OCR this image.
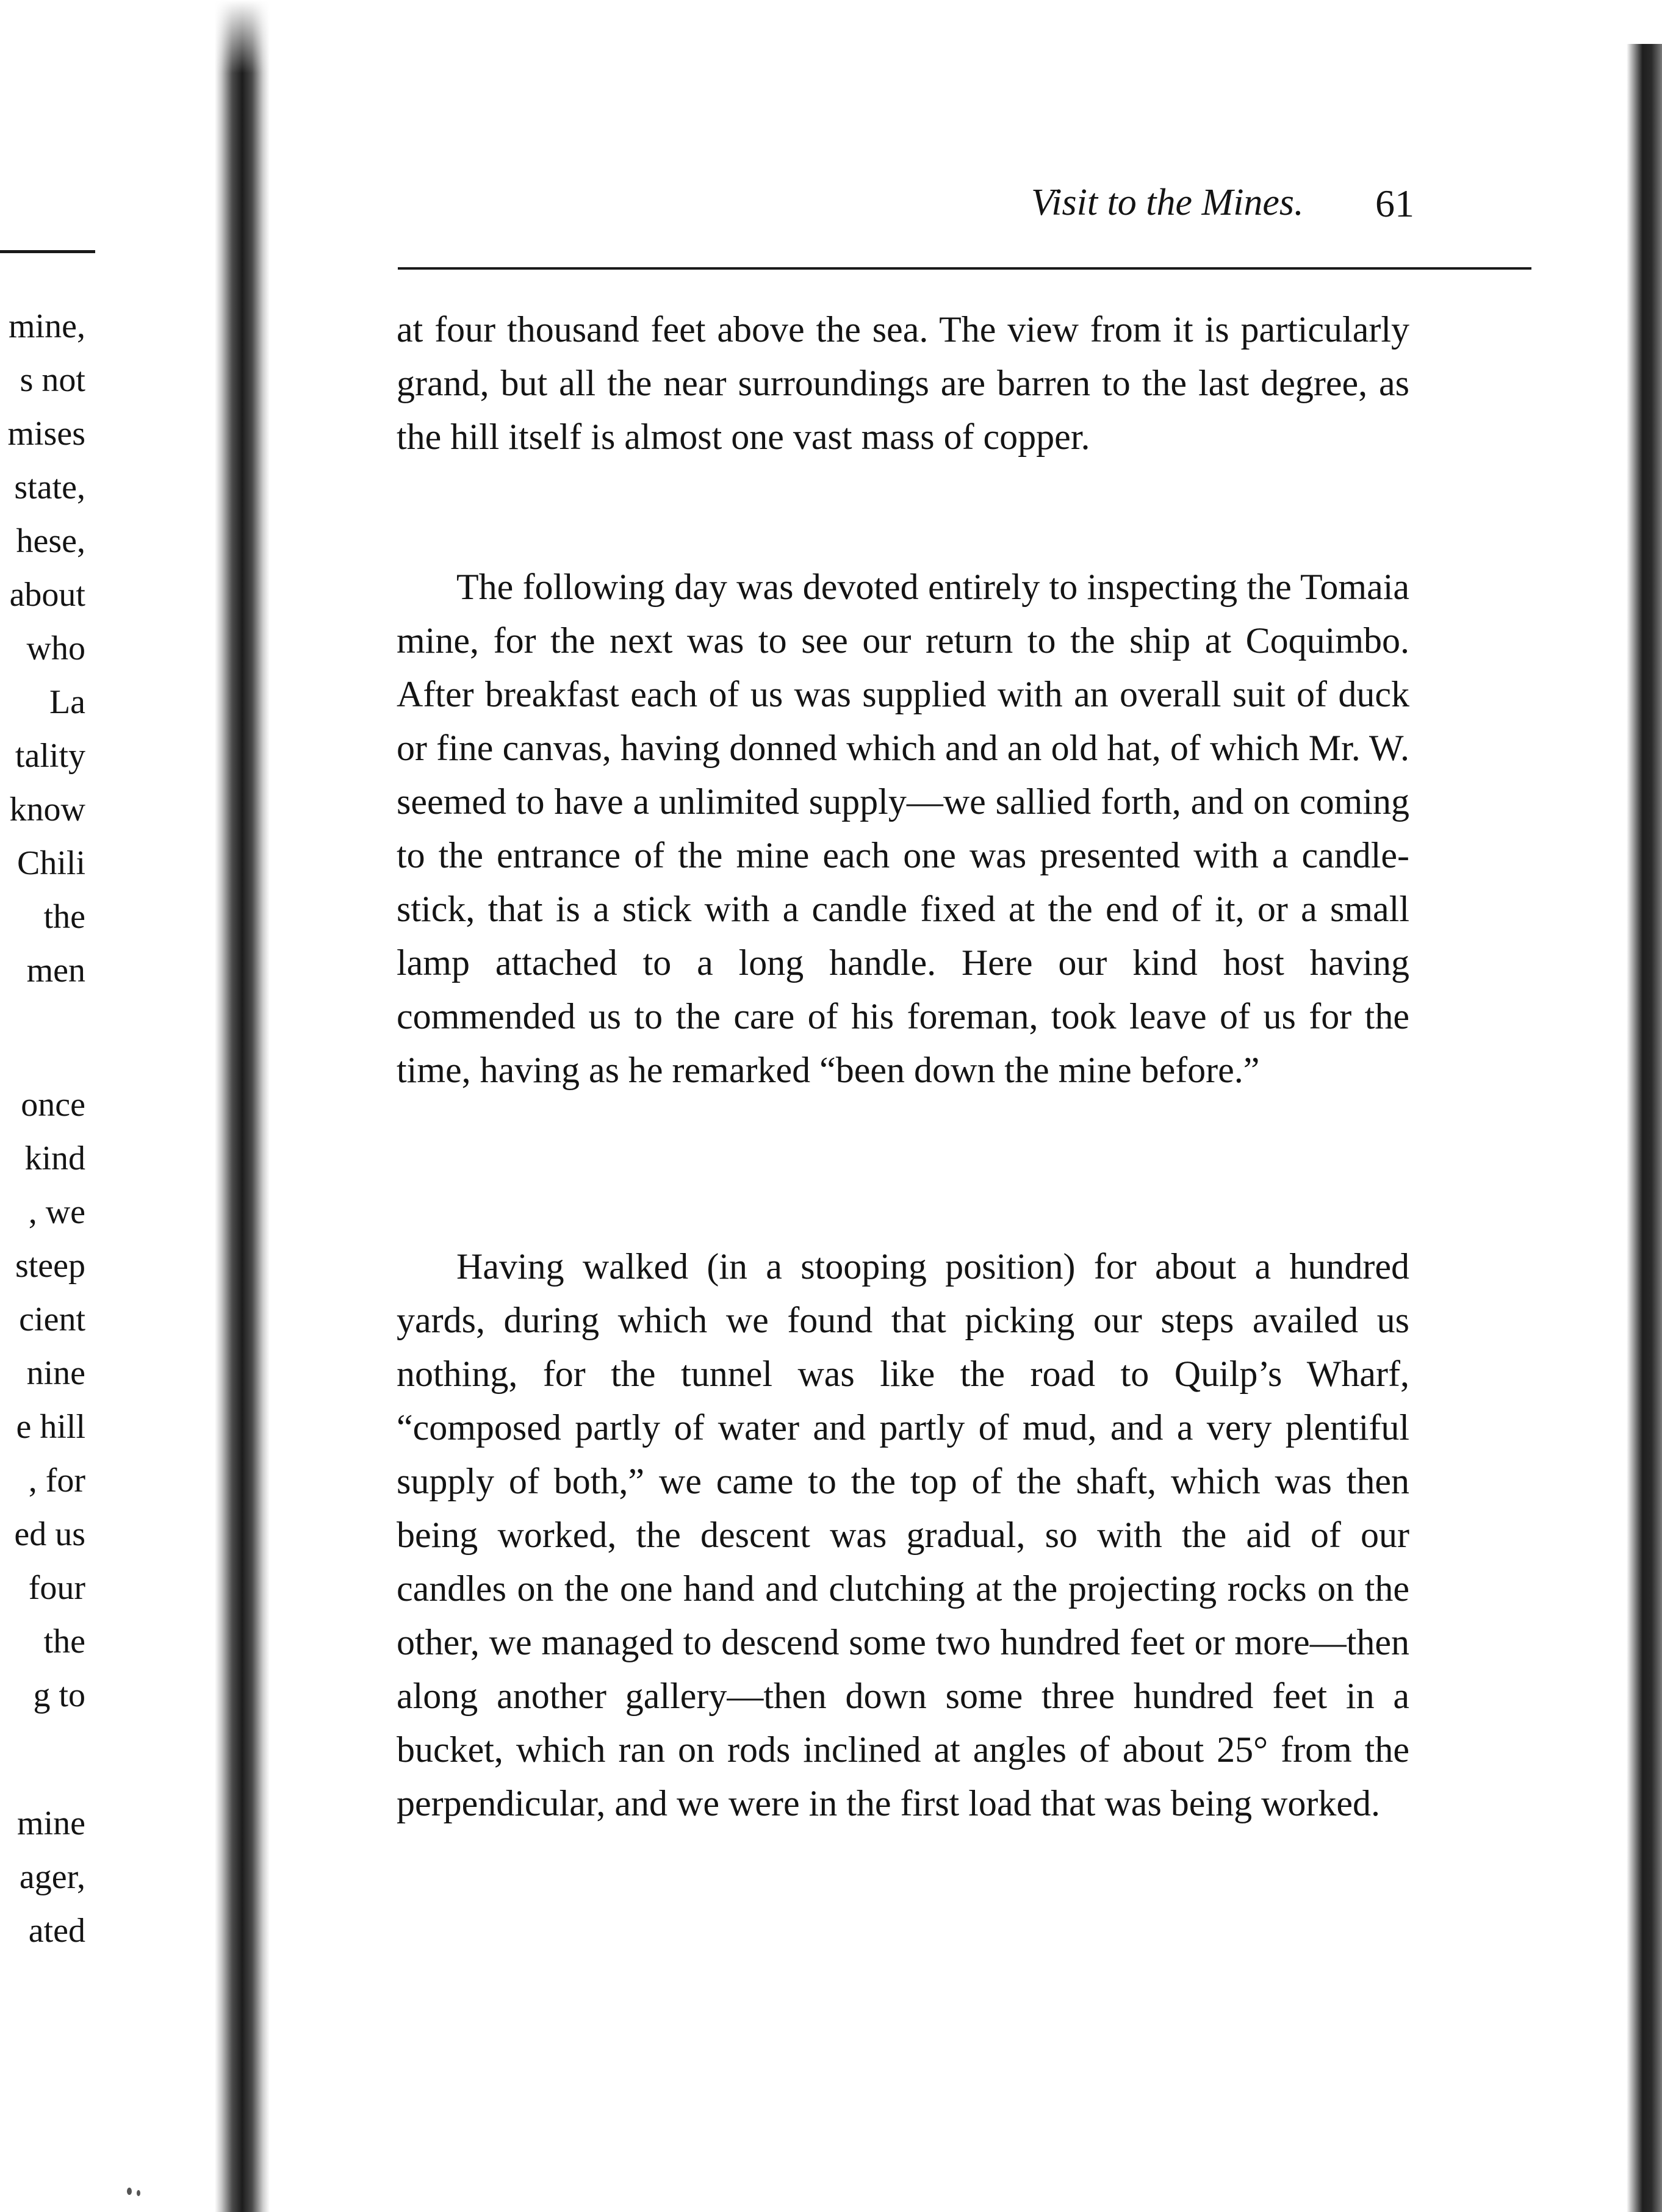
mine,
s not
mises
state,
hese,
about
who
La
tality
know
Chili
the
men
once
kind
, we
steep
cient
nine
e hill
, for
ed us
four
the
g to
mine
ager,
ated
Visit to the Mines. 61
at four thousand feet above the sea. The view from it is particularly grand, but all the near surroundings are barren to the last degree, as the hill itself is almost one vast mass of copper.
The following day was devoted entirely to inspecting the Tomaia mine, for the next was to see our return to the ship at Coquimbo. After breakfast each of us was supplied with an overall suit of duck or fine canvas, having donned which and an old hat, of which Mr. W. seemed to have a unlimited supply—we sallied forth, and on coming to the entrance of the mine each one was presented with a candle-stick, that is a stick with a candle fixed at the end of it, or a small lamp attached to a long handle. Here our kind host having commended us to the care of his foreman, took leave of us for the time, having as he remarked “been down the mine before.”
Having walked (in a stooping position) for about a hundred yards, during which we found that picking our steps availed us nothing, for the tunnel was like the road to Quilp’s Wharf, “composed partly of water and partly of mud, and a very plentiful supply of both,” we came to the top of the shaft, which was then being worked, the descent was gradual, so with the aid of our candles on the one hand and clutching at the projecting rocks on the other, we managed to descend some two hundred feet or more—then along another gallery—then down some three hundred feet in a bucket, which ran on rods inclined at angles of about 25° from the perpendicular, and we were in the first load that was being worked.
